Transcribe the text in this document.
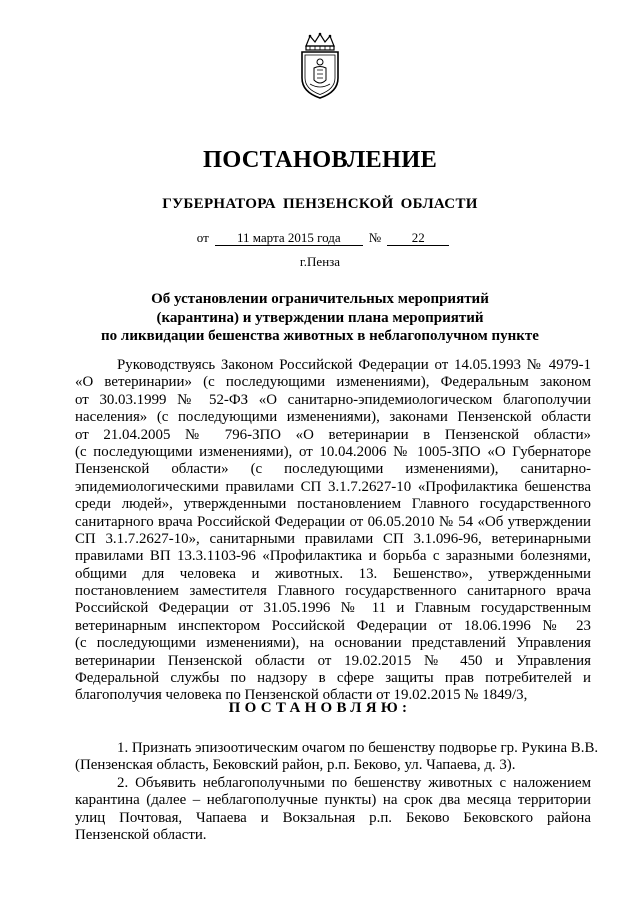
ПОСТАНОВЛЕНИЕ
ГУБЕРНАТОРА ПЕНЗЕНСКОЙ ОБЛАСТИ
от 11 марта 2015 года № 22
г.Пенза
Об установлении ограничительных мероприятий
(карантина) и утверждении плана мероприятий
по ликвидации бешенства животных в неблагополучном пункте
Руководствуясь Законом Российской Федерации от 14.05.1993 № 4979-1
«О ветеринарии» (с последующими изменениями), Федеральным законом
от 30.03.1999 № 52-ФЗ «О санитарно-эпидемиологическом благополучии
населения» (с последующими изменениями), законами Пензенской области
от 21.04.2005 № 796-ЗПО «О ветеринарии в Пензенской области»
(с последующими изменениями), от 10.04.2006 № 1005-ЗПО «О Губернаторе
Пензенской области» (с последующими изменениями), санитарно-
эпидемиологическими правилами СП 3.1.7.2627-10 «Профилактика бешенства
среди людей», утвержденными постановлением Главного государственного
санитарного врача Российской Федерации от 06.05.2010 № 54 «Об утверждении
СП 3.1.7.2627-10», санитарными правилами СП 3.1.096-96, ветеринарными
правилами ВП 13.3.1103-96 «Профилактика и борьба с заразными болезнями,
общими для человека и животных. 13. Бешенство», утвержденными
постановлением заместителя Главного государственного санитарного врача
Российской Федерации от 31.05.1996 № 11 и Главным государственным
ветеринарным инспектором Российской Федерации от 18.06.1996 № 23
(с последующими изменениями), на основании представлений Управления
ветеринарии Пензенской области от 19.02.2015 № 450 и Управления
Федеральной службы по надзору в сфере защиты прав потребителей и
благополучия человека по Пензенской области от 19.02.2015 № 1849/3,
ПОСТАНОВЛЯЮ:
1. Признать эпизоотическим очагом по бешенству подворье гр. Рукина В.В.
(Пензенская область, Бековский район, р.п. Беково, ул. Чапаева, д. 3).
2. Объявить неблагополучными по бешенству животных с наложением
карантина (далее – неблагополучные пункты) на срок два месяца территории
улиц Почтовая, Чапаева и Вокзальная р.п. Беково Бековского района
Пензенской области.
